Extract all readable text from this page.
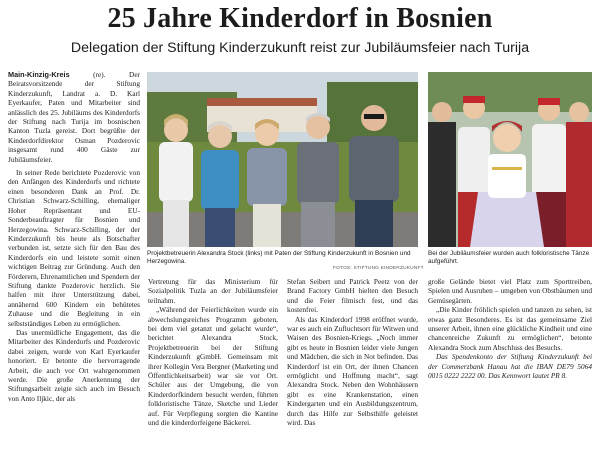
25 Jahre Kinderdorf in Bosnien
Delegation der Stiftung Kinderzukunft reist zur Jubiläumsfeier nach Turija

Main-Kinzig-Kreis (re). Der Beiratsvorsitzende der Stiftung Kinderzukunft, Landrat a. D. Karl Eyerkaufer, Paten und Mitarbeiter sind anlässlich des 25. Jubiläums des Kinderdorfs der Stiftung nach Turija im bosnischen Kanton Tuzla gereist. Dort begrüßte der Kinderdorfdirektor Osman Pozderovic insgesamt rund 400 Gäste zur Jubiläumsfeier.

In seiner Rede berichtete Pozderovic von den Anfängen des Kinderdorfs und richtete einen besonderen Dank an Prof. Dr. Christian Schwarz-Schilling, ehemaliger Hoher Repräsentant und EU-Sonderbeauftragter für Bosnien und Herzegowina. Schwarz-Schilling, der der Kinderzukunft bis heute als Botschafter verbunden ist, setzte sich für den Bau des Kinderdorfs ein und leistete somit einen wichtigen Beitrag zur Gründung. Auch den Förderern, Ehrenamtlichen und Spendern der Stiftung dankte Pozderovic herzlich. Sie halfen mit ihrer Unterstützung dabei, annähernd 600 Kindern ein behütetes Zuhause und die Begleitung in ein selbstständiges Leben zu ermöglichen.

Das unermüdliche Engagement, das die Mitarbeiter des Kinderdorfs und Pozderovic dabei zeigen, wurde von Karl Eyerkaufer honoriert. Er betonte die hervorragende Arbeit, die auch vor Ort wahrgenommen werde. Die große Anerkennung der Stiftungsarbeit zeigte sich auch im Besuch von Anto Iljkic, der als

Projektbetreuerin Alexandra Stock (links) mit Paten der Stiftung Kinderzukunft in Bosnien und Herzegowina.
FOTOS: STIFTUNG KINDERZUKUNFT
Bei der Jubiläumsfeier wurden auch folkloristische Tänze aufgeführt.

Vertretung für das Ministerium für Sozialpolitik Tuzla an der Jubiläumsfeier teilnahm.

„Während der Feierlichkeiten wurde ein abwechslungsreiches Programm geboten, bei dem viel getanzt und gelacht wurde“, berichtet Alexandra Stock, Projektbetreuerin bei der Stiftung Kinderzukunft gGmbH. Gemeinsam mit ihrer Kollegin Vera Bergner (Marketing und Öffentlichkeitsarbeit) war sie vor Ort. Schüler aus der Umgebung, die von Kinderdorfkindern besucht werden, führten folkloristische Tänze, Sketche und Lieder auf. Für Verpflegung sorgten die Kantine und die kinderdorfeigene Bäckerei.

Stefan Seibert und Patrick Peetz von der Brand Factory GmbH hielten den Besuch und die Feier filmisch fest, und das kostenfrei.

Als das Kinderdorf 1998 eröffnet wurde, war es auch ein Zufluchtsort für Witwen und Waisen des Bosnien-Kriegs. „Noch immer gibt es heute in Bosnien leider viele Jungen und Mädchen, die sich in Not befinden. Das Kinderdorf ist ein Ort, der ihnen Chancen ermöglicht und Hoffnung macht“, sagt Alexandra Stock. Neben den Wohnhäusern gibt es eine Krankenstation, einen Kindergarten und ein Ausbildungszentrum, durch das Hilfe zur Selbsthilfe geleistet wird. Das

große Gelände bietet viel Platz zum Sporttreiben, Spielen und Ausruhen – umgeben von Obstbäumen und Gemüsegärten.

„Die Kinder fröhlich spielen und tanzen zu sehen, ist etwas ganz Besonderes. Es ist das gemeinsame Ziel unserer Arbeit, ihnen eine glückliche Kindheit und eine chancenreiche Zukunft zu ermöglichen“, betonte Alexandra Stock zum Abschluss des Besuchs.

Das Spendenkonto der Stiftung Kinderzukunft bei der Commerzbank Hanau hat die IBAN DE79 5064 0015 0222 2222 00. Das Kennwort lautet PR 8.
